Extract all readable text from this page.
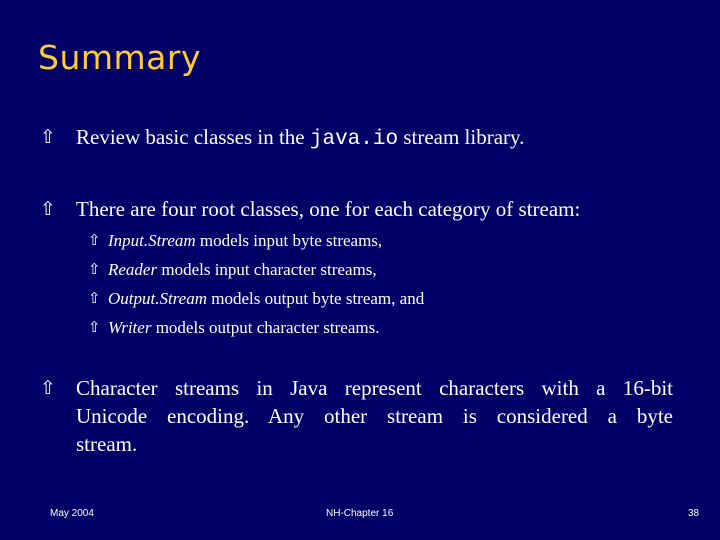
Summary
⇧ Review basic classes in the java.io stream library.
⇧ There are four root classes, one for each category of stream:
⇧ Input.Stream models input byte streams,
⇧ Reader models input character streams,
⇧ Output.Stream models output byte stream, and
⇧ Writer models output character streams.
⇧ Character streams in Java represent characters with a 16-bit
Unicode encoding. Any other stream is considered a byte
stream.
May 2004	NH-Chapter 16	38
